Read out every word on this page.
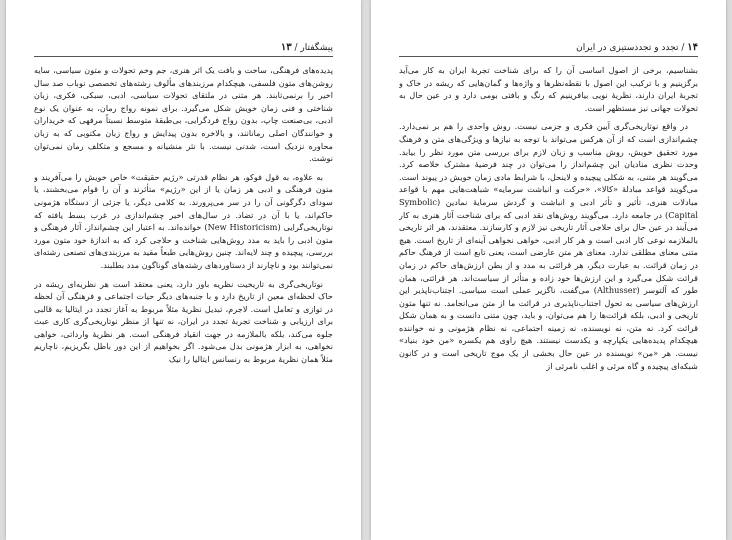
پیشگفتار / ۱۳

پدیده‌های فرهنگی، ساخت و بافت یک اثر هنری، جم وخم تحولات و متون سیاسی، سایه روشن‌های متون فلسفی، هیچکدام مرزبندهای مألوف رشته‌های تخصصی نوباب صد سال اخیر را برنمی‌تابند. هر متنی در ملتقای تحولات سیاسی، ادبی، سبکی، فکری، زبان شناختی و فنی زمان خویش شکل می‌گیرد. برای نمونه رواج رمان، به عنوان یک نوع ادبی، بی‌صنعت چاپ، بدون رواج فردگرایی، بی‌طبقهٔ متوسط نسبتاً مرفهی که خریداران و خوانندگان اصلی رمانانند، و بالاخره بدون پیدایش و رواج زبان مکتوبی که به زبان محاوره نزدیک است، شدنی نیست. با نثر منشیانه و مسجع و متکلف رمان نمی‌توان نوشت.

به علاوه، به قول فوکو، هر نظام قدرتی «رژیم حقیقت» خاص خویش را می‌آفریند و متون فرهنگی و ادبی هر زمان یا از این «رژیم» متأثرند و آن را قوام می‌بخشند، یا سودای دگرگونی آن را در سر می‌پرورند. به کلامی دیگر، یا جزئی از دستگاه هژمونی حاکم‌اند، یا با آن در تضاد. در سال‌های اخیر چشم‌اندازی در غرب بسط یافته که نوتاریخی‌گرایی (New Historicism) خوانده‌اند. به اعتبار این چشم‌انداز، آثار فرهنگی و متون ادبی را باید به مدد روش‌هایی شناخت و حلاجی کرد که به اندازهٔ خود متون مورد بررسی، پیچیده و چند لایه‌اند. چنین روش‌هایی طبعاً مقید به مرزبندی‌های تصنعی رشته‌ای نمی‌توانند بود و ناچارند از دستاوردهای رشته‌های گوناگون مدد بطلبند.

نوتاریخی‌گری به تاریخیت نظریه باور دارد، یعنی معتقد است هر نظریه‌ای ریشه در حاک لحظه‌ای معین از تاریخ دارد و با جنبه‌های دیگر حیات اجتماعی و فرهنگی آن لحظه در توازی و تعامل است. لاجرم، تبدیل نظریهٔ مثلاً مربوط به آغاز تجدد در ایتالیا به قالبی برای ارزیابی و شناخت تجربهٔ تجدد در ایران، نه تنها از منظر نوتاریخی‌گری کاری عبث جلوه می‌کند، بلکه بالملازمه در جهت انقیاد فرهنگی است. هر نظریهٔ وارداتی، خواهی نخواهی، به ابزار هژمونی بدل می‌شود. اگر بخواهیم از این دور باطل بگریزیم، ناچاریم مثلاً همان نظریهٔ مربوط به رنسانس ایتالیا را نیک

۱۴ / تجدد و تجددستیزی در ایران

بشناسیم، برخی از اصول اساسی آن را که برای شناخت تجربهٔ ایران به کار می‌آید برگزینیم و با ترکیب این اصول با نقطه‌نظرها و واژه‌ها و گمان‌هایی که ریشه در خاک و تجربهٔ ایران دارند، نظریهٔ نویی بیافرینیم که رنگ و بافتی بومی دارد و در عین حال به تحولات جهانی نیز مستظهر است.

در واقع نوتاریخی‌گری آیین فکری و جزمی نیست. روش واحدی را هم بر نمی‌دارد. چشم‌اندازی است که از آن هرکس می‌تواند با توجه به نیازها و ویژگی‌های متن و فرهنگ مورد تحقیق خویش، روش مناسب و زبان لازم برای بررسی متن مورد نظر را بیابد. وحدت نظری منادیان این چشم‌انداز را می‌توان در چند فرضیهٔ مشترک خلاصه کرد. می‌گویند هر متنی، به شکلی پیچیده و لاینحل، با شرایط مادی زمان خویش در پیوند است. می‌گویند قواعد مبادلهٔ «کالا»، «حرکت و انباشت سرمایه» شباهت‌هایی مهم با قواعد مبادلات هنری، تأثیر و تأثر ادبی و انباشت و گردش سرمایهٔ نمادین (Symbolic Capital) در جامعه دارد. می‌گویند روش‌های نقد ادبی که برای شناخت آثار هنری به کار می‌آیند در عین حال برای حلاجی آثار تاریخی نیز لازم و کارسازند. معتقدند، هر اثر تاریخی بالملازمه نوعی کار ادبی است و هر کار ادبی، خواهی نخواهی آینه‌ای از تاریخ است. هیچ متنی معنای مطلقی ندارد. معنای هر متن عارضی است، یعنی تابع است از فرهنگ حاکم در زمان قرائت. به عبارت دیگر، هر قرائتی به مدد و از بطن ارزش‌های حاکم در زمان قرائت شکل می‌گیرد و این ارزش‌ها خود زاده و متأثر از سیاست‌اند. هر قرائتی، همان طور که آلتوسر (Althusser) می‌گفت، ناگزیر عملی است سیاسی. اجتناب‌ناپذیر این ارزش‌های سیاسی به تحول اجتناب‌ناپذیری در قرائت ما از متن می‌انجامد. نه تنها متون تاریخی و ادبی، بلکه قرائت‌ها را هم می‌توان، و باید، چون متنی دانست و به همان شکل قرائت کرد. نه متن، نه نویسنده، نه زمینه اجتماعی، نه نظام هژمونی و نه خواننده هیچکدام پدیده‌هایی یکپارچه و یکدست نیستند. هیچ راوی هم یکسره «من خود بنیاد» نیست. هر «من» نویسنده در عین حال بخشی از یک موج تاریخی است و در کانون شبکه‌ای پیچیده و گاه مرئی و اغلب نامرئی از
